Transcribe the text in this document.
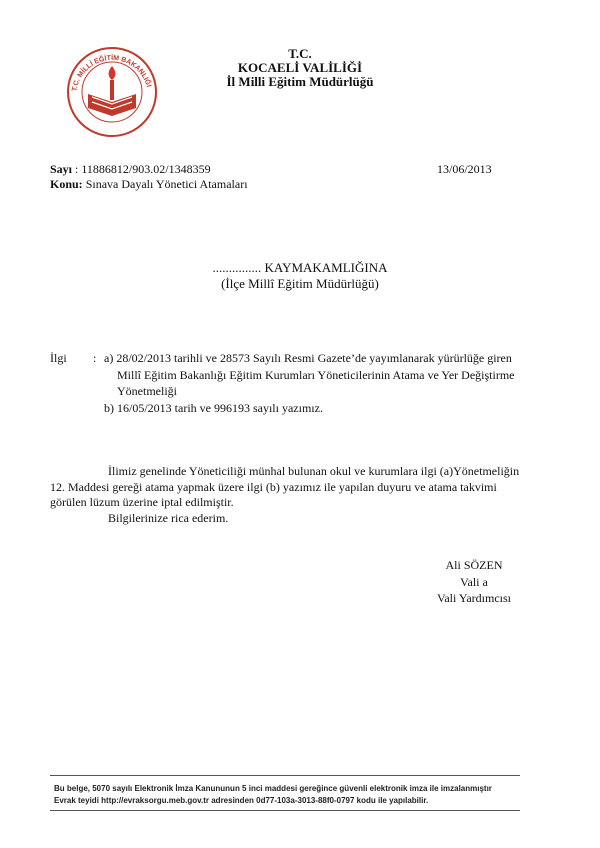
T.C. MİLLİ EĞİTİM BAKANLIĞI
T.C.
KOCAELİ VALİLİĞİ
İl Milli Eğitim Müdürlüğü
Sayı : 11886812/903.02/1348359	13/06/2013
Konu: Sınava Dayalı Yönetici Atamaları
............... KAYMAKAMLIĞINA
(İlçe Millî Eğitim Müdürlüğü)
İlgi : a) 28/02/2013 tarihli ve 28573 Sayılı Resmi Gazete’de yayımlanarak yürürlüğe giren
Millî Eğitim Bakanlığı Eğitim Kurumları Yöneticilerinin Atama ve Yer Değiştirme
Yönetmeliği
b) 16/05/2013 tarih ve 996193 sayılı yazımız.
İlimiz genelinde Yöneticiliği münhal bulunan okul ve kurumlara ilgi (a)Yönetmeliğin
12. Maddesi gereği atama yapmak üzere ilgi (b) yazımız ile yapılan duyuru ve atama takvimi
görülen lüzum üzerine iptal edilmiştir.
Bilgilerinize rica ederim.
Ali SÖZEN
Vali a
Vali Yardımcısı
Bu belge, 5070 sayılı Elektronik İmza Kanununun 5 inci maddesi gereğince güvenli elektronik imza ile imzalanmıştır
Evrak teyidi http://evraksorgu.meb.gov.tr adresinden 0d77-103a-3013-88f0-0797 kodu ile yapılabilir.
